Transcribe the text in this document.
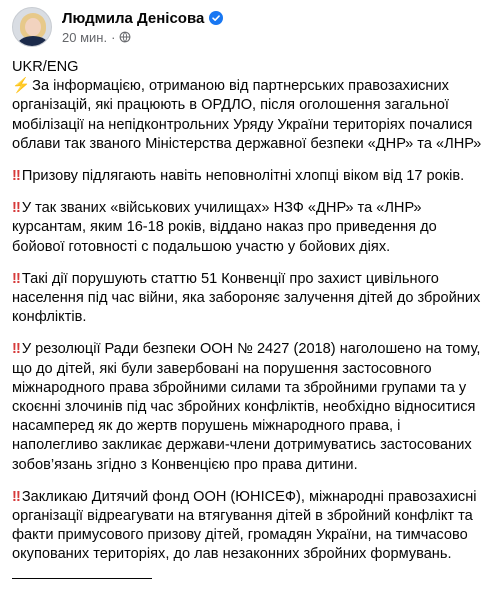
Людмила Денісова
20 мин. ·
UKR/ENG
⚡ За інформацією, отриманою від партнерських правозахисних організацій, які працюють в ОРДЛО, після оголошення загальної мобілізації на непідконтрольних Уряду України територіях почалися облави так званого Міністерства державної безпеки «ДНР» та «ЛНР»
‼ Призову підлягають навіть неповнолітні хлопці віком від 17 років.
‼ У так званих «військових училищах» НЗФ «ДНР» та «ЛНР» курсантам, яким 16-18 років, віддано наказ про приведення до бойової готовності с подальшою участю у бойових діях.
‼ Такі дії порушують статтю 51 Конвенції про захист цивільного населення під час війни, яка забороняє залучення дітей до збройних конфліктів.
‼ У резолюції Ради безпеки ООН № 2427 (2018) наголошено на тому, що до дітей, які були завербовані на порушення застосовного міжнародного права збройними силами та збройними групами та у скоєнні злочинів під час збройних конфліктів, необхідно відноситися насамперед як до жертв порушень міжнародного права, і наполегливо закликає держави-члени дотримуватись застосованих зобов’язань згідно з Конвенцією про права дитини.
‼ Закликаю Дитячий фонд ООН (ЮНІСЕФ), міжнародні правозахисні організації відреагувати на втягування дітей в збройний конфлікт та факти примусового призову дітей, громадян України, на тимчасово окупованих територіях, до лав незаконних збройних формувань.
